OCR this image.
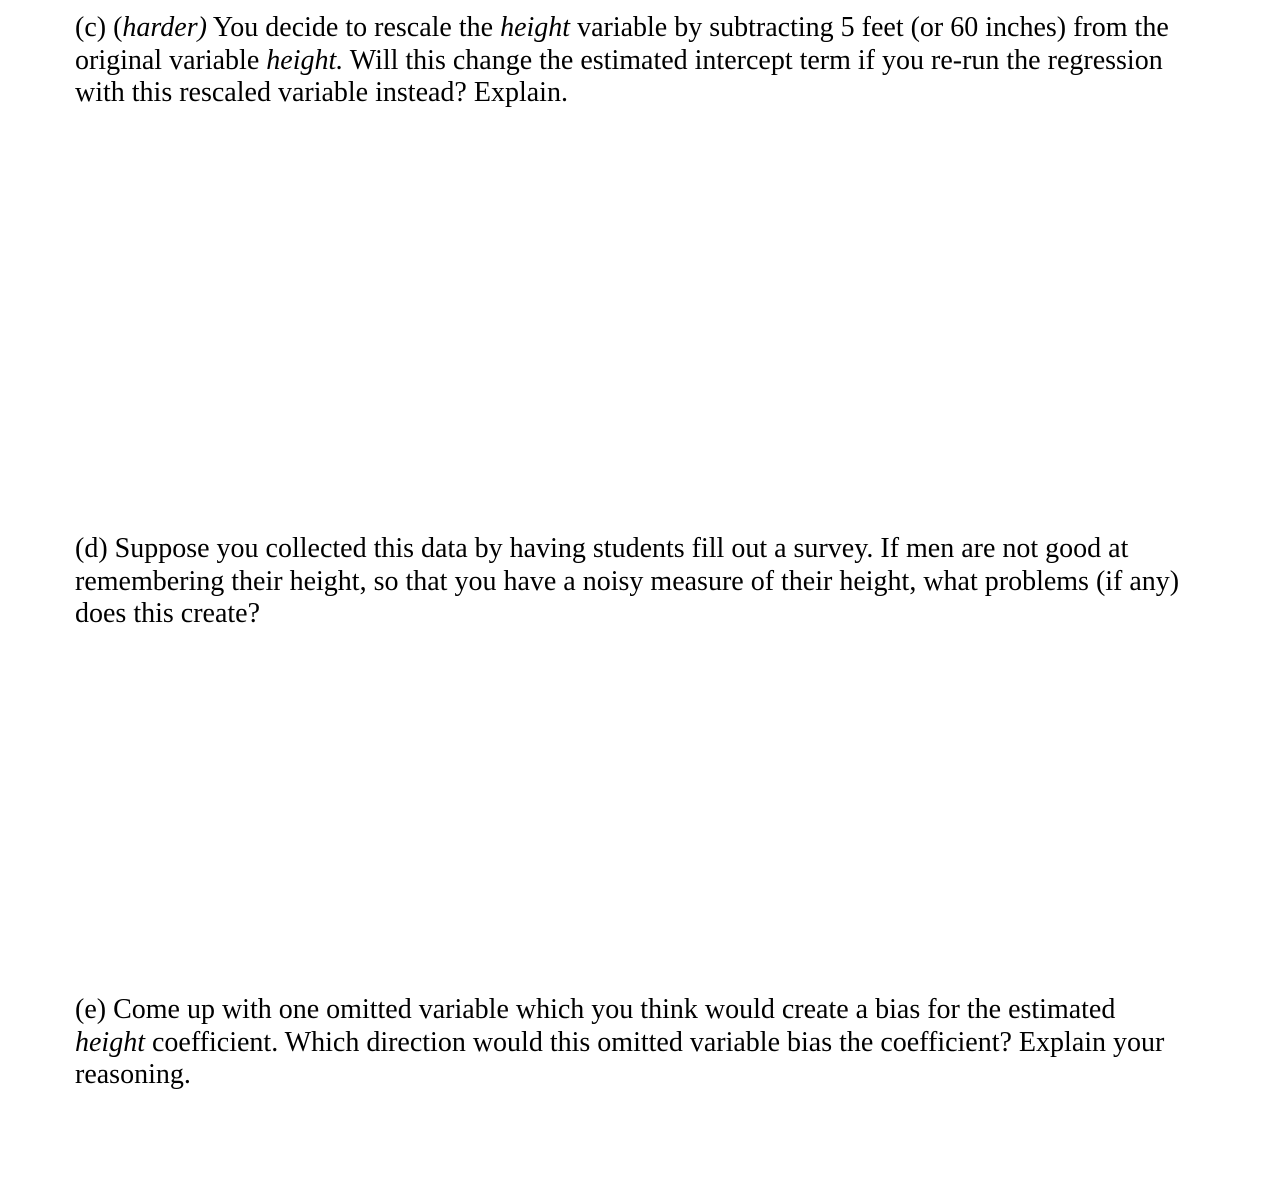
(c) (harder) You decide to rescale the height variable by subtracting 5 feet (or 60 inches) from the
original variable height. Will this change the estimated intercept term if you re-run the regression
with this rescaled variable instead? Explain.
(d) Suppose you collected this data by having students fill out a survey. If men are not good at
remembering their height, so that you have a noisy measure of their height, what problems (if any)
does this create?
(e) Come up with one omitted variable which you think would create a bias for the estimated
height coefficient. Which direction would this omitted variable bias the coefficient? Explain your
reasoning.
